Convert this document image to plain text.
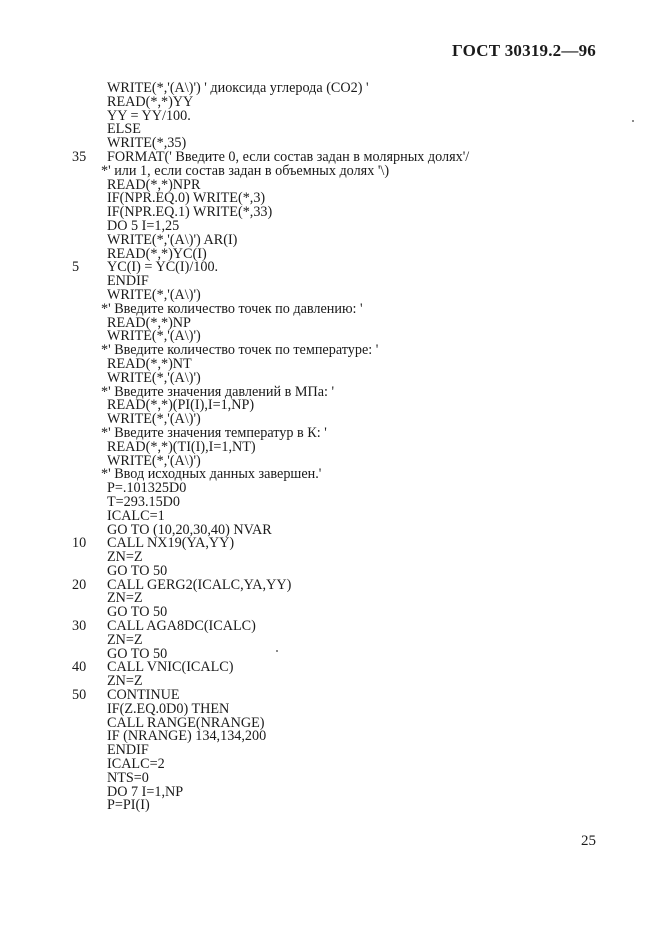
ГОСТ 30319.2—96
WRITE(*,'(A\)') ' диоксида углерода (СО2) '
READ(*,*)YY
YY = YY/100.
ELSE
WRITE(*,35)
35 FORMAT(' Введите 0, если состав задан в молярных долях'/
*' или 1, если состав задан в объемных долях '\)
READ(*,*)NPR
IF(NPR.EQ.0) WRITE(*,3)
IF(NPR.EQ.1) WRITE(*,33)
DO 5 I=1,25
WRITE(*,'(A\)') AR(I)
READ(*,*)YC(I)
5 YC(I) = YC(I)/100.
ENDIF
WRITE(*,'(A\)')
*' Введите количество точек по давлению: '
READ(*,*)NP
WRITE(*,'(A\)')
*' Введите количество точек по температуре: '
READ(*,*)NT
WRITE(*,'(A\)')
*' Введите значения давлений в МПа: '
READ(*,*)(PI(I),I=1,NP)
WRITE(*,'(A\)')
*' Введите значения температур в К: '
READ(*,*)(TI(I),I=1,NT)
WRITE(*,'(A\)')
*' Ввод исходных данных завершен.'
P=.101325D0
T=293.15D0
ICALC=1
GO TO (10,20,30,40) NVAR
10 CALL NX19(YA,YY)
ZN=Z
GO TO 50
20 CALL GERG2(ICALC,YA,YY)
ZN=Z
GO TO 50
30 CALL AGA8DC(ICALC)
ZN=Z
GO TO 50
40 CALL VNIC(ICALC)
ZN=Z
50 CONTINUE
IF(Z.EQ.0D0) THEN
CALL RANGE(NRANGE)
IF (NRANGE) 134,134,200
ENDIF
ICALC=2
NTS=0
DO 7 I=1,NP
P=PI(I)
25
